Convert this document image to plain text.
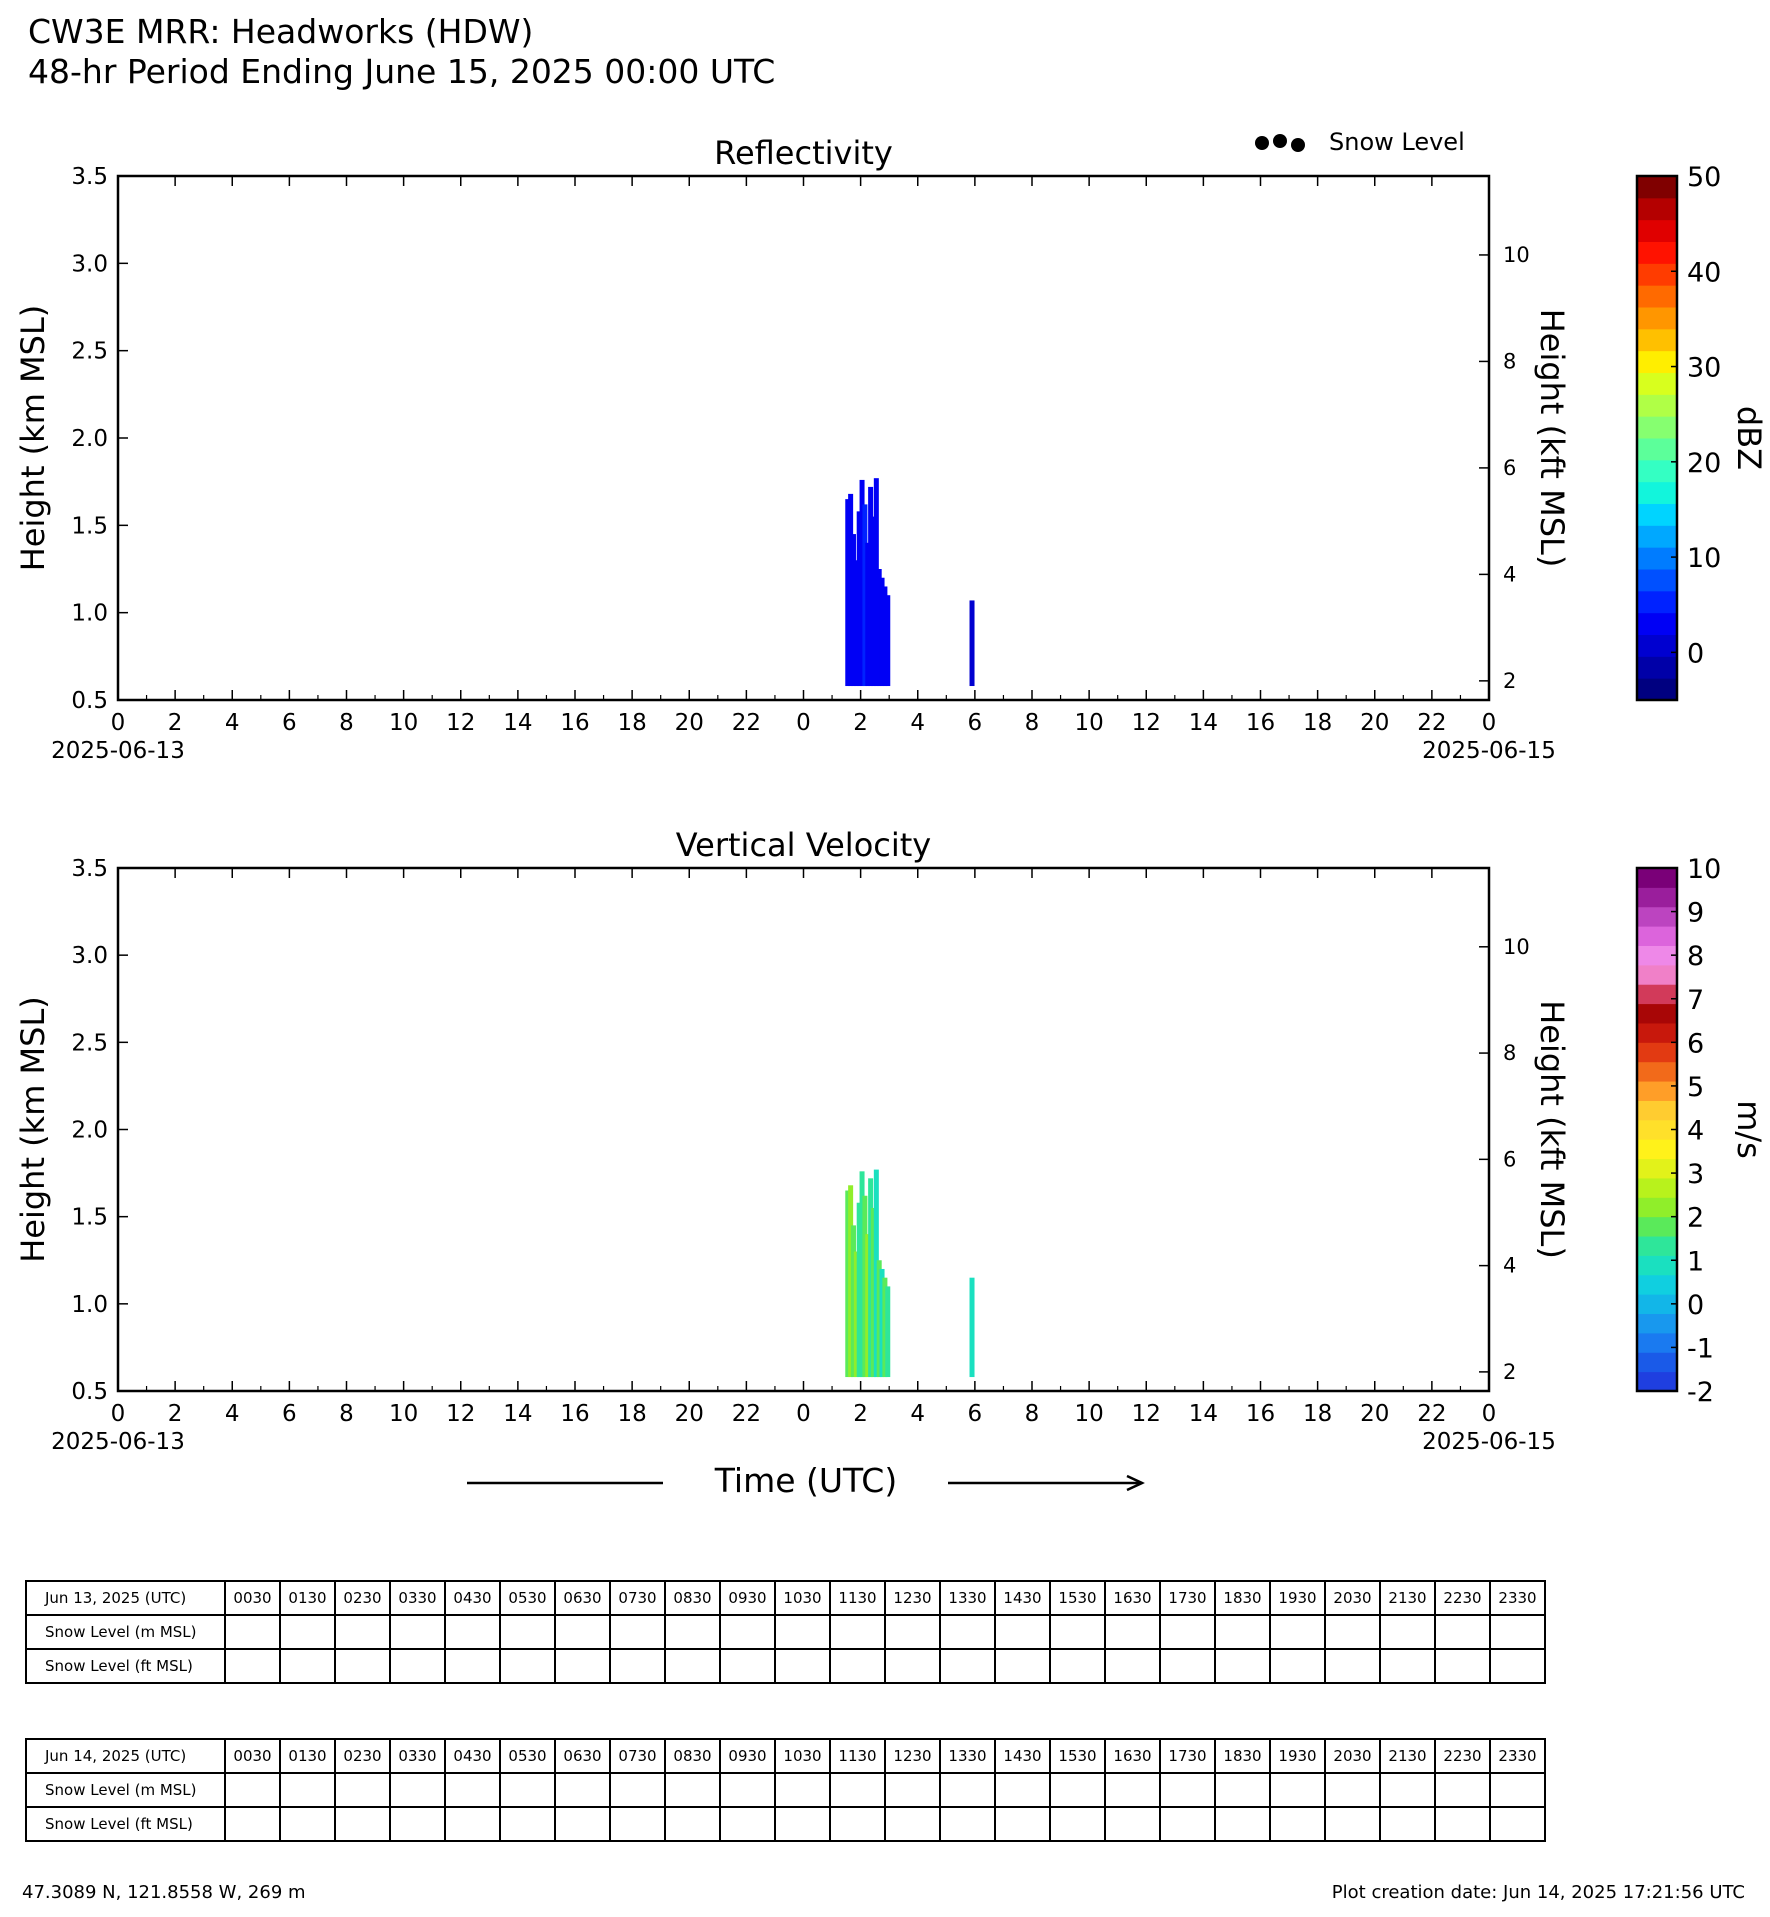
CW3E MRR: Headworks (HDW)
48-hr Period Ending June 15, 2025 00:00 UTC
Snow Level
Reflectivity
0.5
1.0
1.5
2.0
2.5
3.0
3.5
2
4
6
8
10
0 2 4 6 8 10 12 14 16 18 20 22 0 2 4 6 8 10 12 14 16 18 20 22 0
2025-06-13	2025-06-15
Height (km MSL)	Height (kft MSL)
0
10
20
30
40
50
dBZ
Vertical Velocity
0.5
1.0
1.5
2.0
2.5
3.0
3.5
2
4
6
8
10
0 2 4 6 8 10 12 14 16 18 20 22 0 2 4 6 8 10 12 14 16 18 20 22 0
2025-06-13	2025-06-15
Height (km MSL)	Height (kft MSL)
-2
-1
0
1
2
3
4
5
6
7
8
9
10
m/s
Time (UTC)
Jun 13, 2025 (UTC)	0030	0130	0230	0330	0430	0530	0630	0730	0830	0930	1030	1130	1230	1330	1430	1530	1630	1730	1830	1930	2030	2130	2230	2330
Snow Level (m MSL)																								
Snow Level (ft MSL)																								
Jun 14, 2025 (UTC)	0030	0130	0230	0330	0430	0530	0630	0730	0830	0930	1030	1130	1230	1330	1430	1530	1630	1730	1830	1930	2030	2130	2230	2330
Snow Level (m MSL)																								
Snow Level (ft MSL)																								
47.3089 N, 121.8558 W, 269 m	Plot creation date: Jun 14, 2025 17:21:56 UTC
